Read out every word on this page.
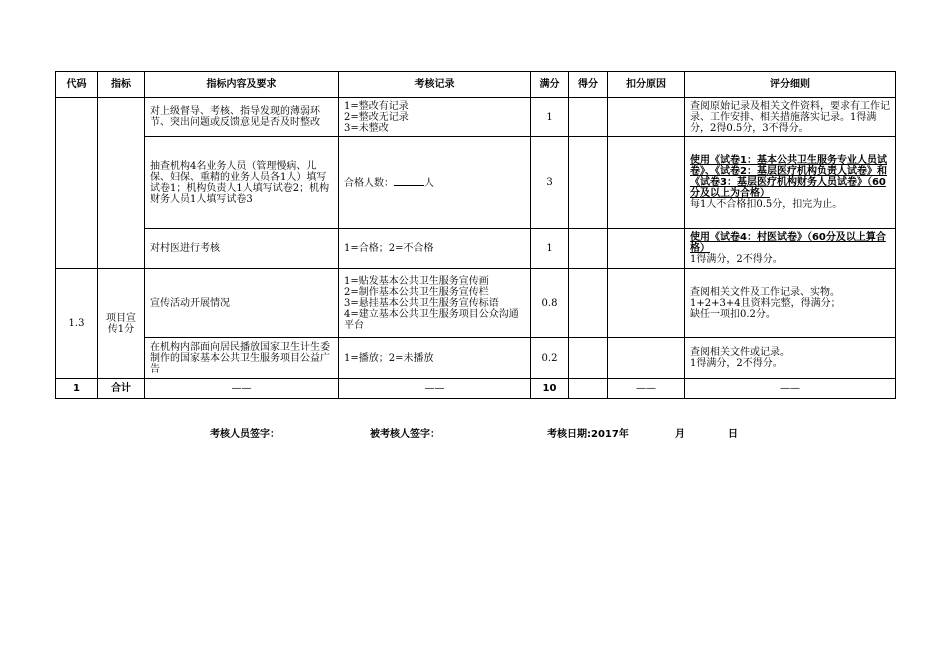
代码	指标	指标内容及要求	考核记录	满分	得分	扣分原因	评分细则
		对上级督导、考核、指导发现的薄弱环节、突出问题或反馈意见是否及时整改	1=整改有记录
2=整改无记录
3=未整改	1			查阅原始记录及相关文件资料，要求有工作记录、工作安排、相关措施落实记录。1得满分，2得0.5分，3不得分。
		抽查机构4名业务人员（管理慢病、儿保、妇保、重精的业务人员各1人）填写试卷1；机构负责人1人填写试卷2；机构财务人员1人填写试卷3	合格人数： 人	3			使用《试卷1：基本公共卫生服务专业人员试卷》、《试卷2：基层医疗机构负责人试卷》和《试卷3：基层医疗机构财务人员试卷》（60分及以上为合格）
每1人不合格扣0.5分，扣完为止。

		对村医进行考核	1=合格；2=不合格	1			使用《试卷4：村医试卷》（60分及以上算合格）
1得满分，2不得分。

1.3	项目宣传1分	宣传活动开展情况	1=贴发基本公共卫生服务宣传画
2=制作基本公共卫生服务宣传栏
3=悬挂基本公共卫生服务宣传标语
4=建立基本公共卫生服务项目公众沟通平台	0.8			查阅相关文件及工作记录、实物。
1+2+3+4且资料完整，得满分；
缺任一项扣0.2分。

		在机构内部面向居民播放国家卫生计生委制作的国家基本公共卫生服务项目公益广告	1=播放；2=未播放	0.2			查阅相关文件或记录。
1得满分，2不得分。

1	合计	——	——	10		——	——
考核人员签字：	被考核人签字：	考核日期:2017年	月	日
